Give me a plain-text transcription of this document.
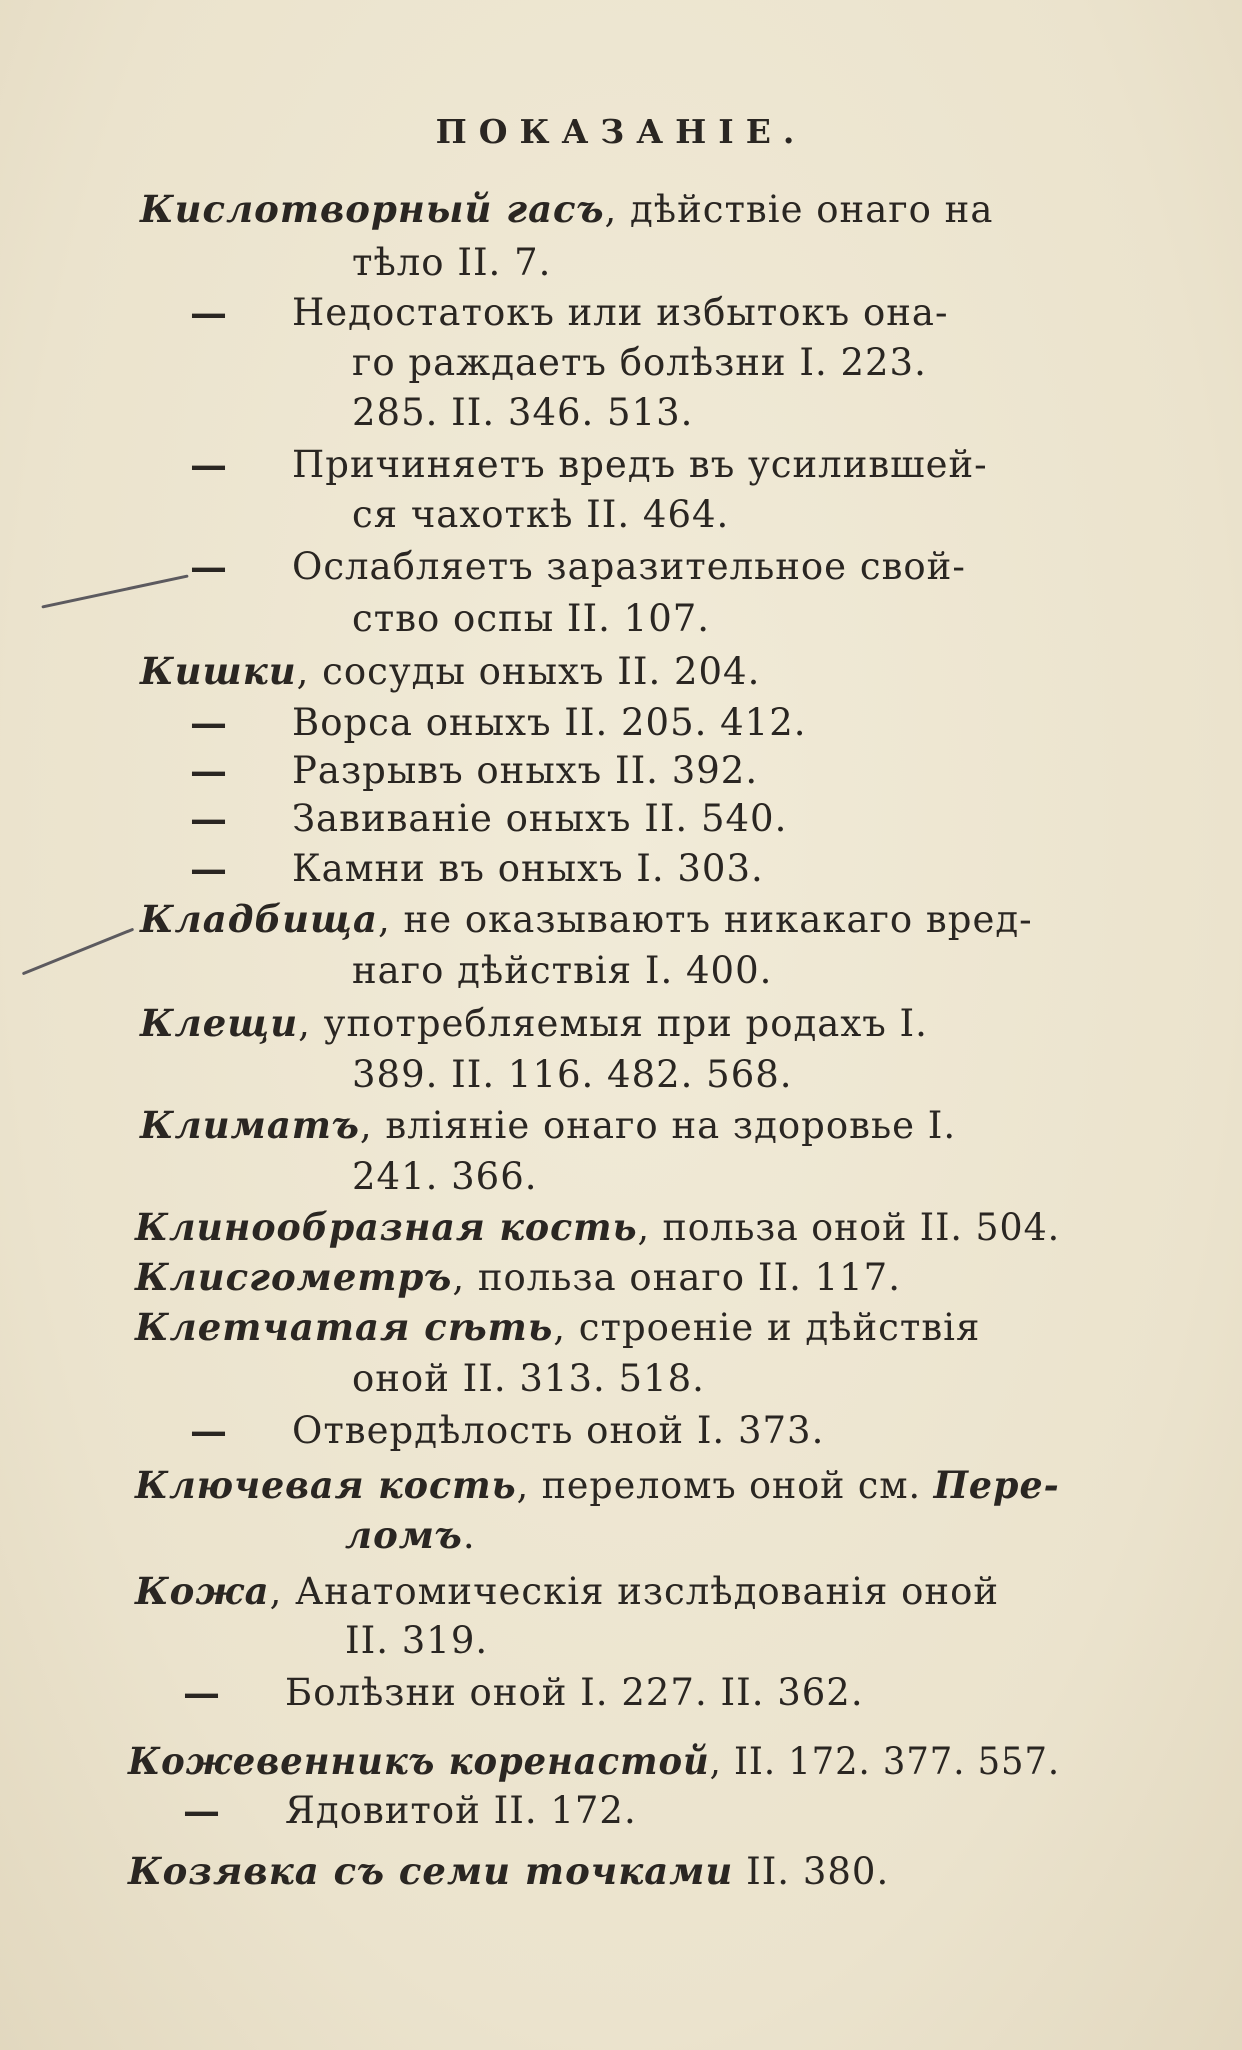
ПОКАЗАНІЕ.
Кислотворный гасъ, дѣйствіе онаго на
тѣло II. 7.
— Недостатокъ или избытокъ она-
го раждаетъ болѣзни I. 223.
285. II. 346. 513.
— Причиняетъ вредъ въ усилившей-
ся чахоткѣ II. 464.
— Ослабляетъ заразительное свой-
ство оспы II. 107.
Кишки, сосуды оныхъ II. 204.
— Ворса оныхъ II. 205. 412.
— Разрывъ оныхъ II. 392.
— Завиваніе оныхъ II. 540.
— Камни въ оныхъ I. 303.
Кладбища, не оказываютъ никакаго вред-
наго дѣйствія I. 400.
Клещи, употребляемыя при родахъ I.
389. II. 116. 482. 568.
Климатъ, вліяніе онаго на здоровье I.
241. 366.
Клинообразная кость, польза оной II. 504.
Клисгометръ, польза онаго II. 117.
Клетчатая сѣть, строеніе и дѣйствія
оной II. 313. 518.
— Отвердѣлость оной I. 373.
Ключевая кость, переломъ оной см. Пере-
ломъ.
Кожа, Анатомическія изслѣдованія оной
II. 319.
— Болѣзни оной I. 227. II. 362.
Кожевенникъ коренастой, II. 172. 377. 557.
— Ядовитой II. 172.
Козявка съ семи точками II. 380.
